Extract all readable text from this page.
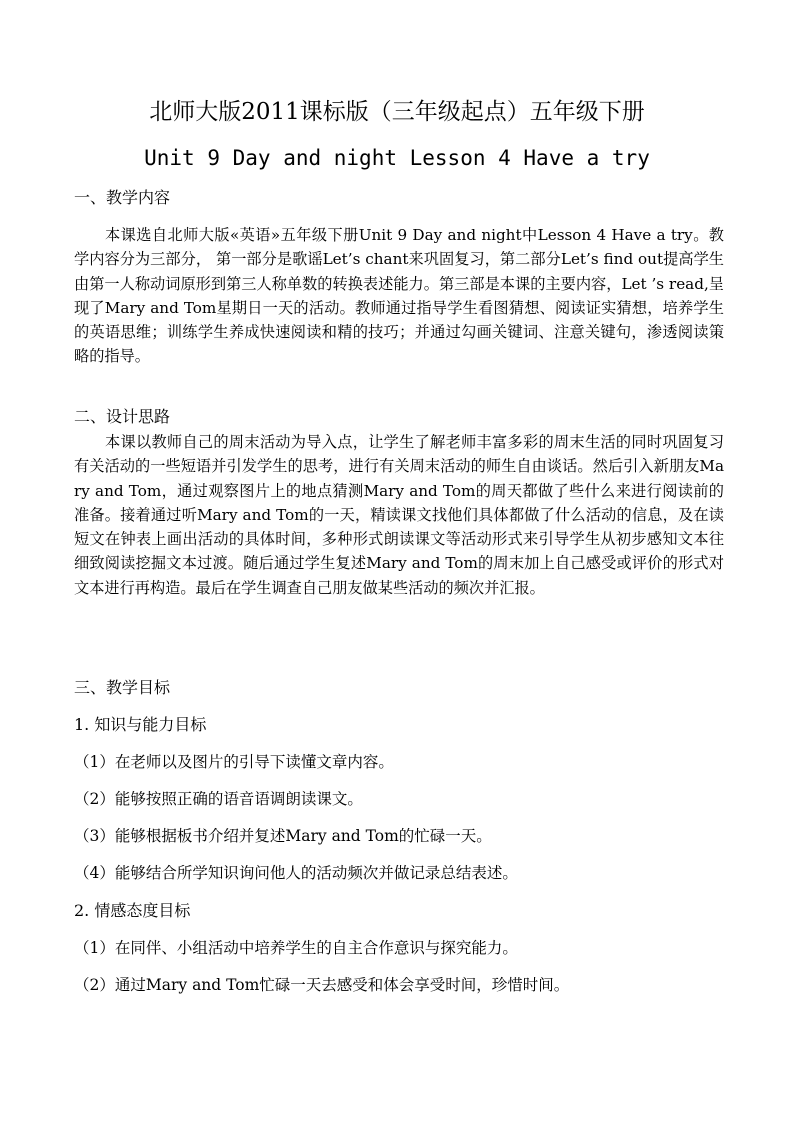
北师大版2011课标版（三年级起点）五年级下册
Unit 9 Day and night Lesson 4 Have a try
一、教学内容
本课选自北师大版«英语»五年级下册Unit 9 Day and night中Lesson 4 Have a try。教学内容分为三部分， 第一部分是歌谣Let’s chant来巩固复习，第二部分Let’s find out提高学生由第一人称动词原形到第三人称单数的转换表述能力。第三部是本课的主要内容，Let ’s read,呈现了Mary and Tom星期日一天的活动。教师通过指导学生看图猜想、阅读证实猜想，培养学生的英语思维；训练学生养成快速阅读和精的技巧；并通过勾画关键词、注意关键句，渗透阅读策略的指导。
二、设计思路
本课以教师自己的周末活动为导入点，让学生了解老师丰富多彩的周末生活的同时巩固复习有关活动的一些短语并引发学生的思考，进行有关周末活动的师生自由谈话。然后引入新朋友Mary and Tom，通过观察图片上的地点猜测Mary and Tom的周天都做了些什么来进行阅读前的准备。接着通过听Mary and Tom的一天，精读课文找他们具体都做了什么活动的信息，及在读短文在钟表上画出活动的具体时间，多种形式朗读课文等活动形式来引导学生从初步感知文本往细致阅读挖掘文本过渡。随后通过学生复述Mary and Tom的周末加上自己感受或评价的形式对文本进行再构造。最后在学生调查自己朋友做某些活动的频次并汇报。
三、教学目标
1. 知识与能力目标
（1）在老师以及图片的引导下读懂文章内容。
（2）能够按照正确的语音语调朗读课文。
（3）能够根据板书介绍并复述Mary and Tom的忙碌一天。
（4）能够结合所学知识询问他人的活动频次并做记录总结表述。
2. 情感态度目标
（1）在同伴、小组活动中培养学生的自主合作意识与探究能力。
（2）通过Mary and Tom忙碌一天去感受和体会享受时间，珍惜时间。
